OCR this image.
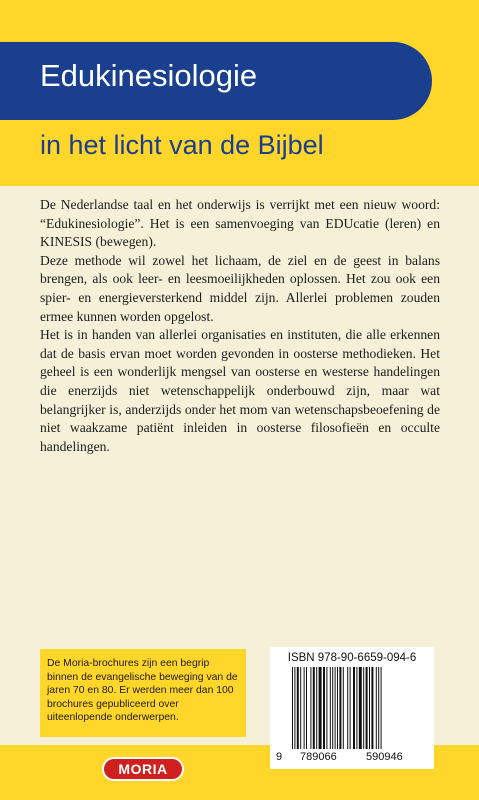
Edukinesiologie
in het licht van de Bijbel

De Nederlandse taal en het onderwijs is verrijkt met een nieuw woord: “Edukinesiologie”. Het is een samenvoeging van EDUcatie (leren) en KINESIS (bewegen).

Deze methode wil zowel het lichaam, de ziel en de geest in balans brengen, als ook leer- en leesmoeilijkheden oplossen. Het zou ook een spier- en energieversterkend middel zijn. Allerlei problemen zouden ermee kunnen worden opgelost.

Het is in handen van allerlei organisaties en instituten, die alle erkennen dat de basis ervan moet worden gevonden in oosterse methodieken. Het geheel is een wonderlijk mengsel van oosterse en westerse handelingen die enerzijds niet wetenschappelijk onderbouwd zijn, maar wat belangrijker is, anderzijds onder het mom van wetenschapsbeoefening de niet waakzame patiënt inleiden in oosterse filosofieën en occulte handelingen.

De Moria-brochures zijn een begrip binnen de evangelische beweging van de jaren 70 en 80. Er werden meer dan 100 brochures gepubliceerd over uiteenlopende onderwerpen.
ISBN 978-90-6659-094-6
9 789066	590946
MORIA
